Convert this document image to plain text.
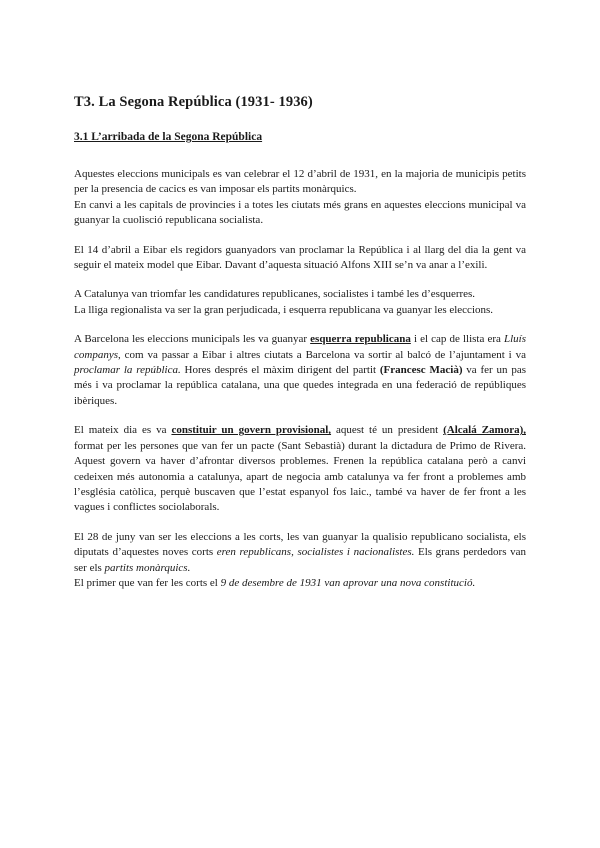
T3. La Segona República (1931- 1936)
3.1 L’arribada de la Segona República

Aquestes eleccions municipals es van celebrar el 12 d’abril de 1931, en la majoria de municipis petits per la presencia de cacics es van imposar els partits monàrquics.

En canvi a les capitals de provincies i a totes les ciutats més grans en aquestes eleccions municipal va guanyar la cuolisció republicana socialista.

El 14 d’abril a Eibar els regidors guanyadors van proclamar la República i al llarg del dia la gent va seguir el mateix model que Eibar. Davant d’aquesta situació Alfons XIII se’n va anar a l’exili.

A Catalunya van triomfar les candidatures republicanes, socialistes i també les d’esquerres.

La lliga regionalista va ser la gran perjudicada, i esquerra republicana va guanyar les eleccions.

A Barcelona les eleccions municipals les va guanyar esquerra republicana i el cap de llista era Lluís companys, com va passar a Eibar i altres ciutats a Barcelona va sortir al balcó de l’ajuntament i va proclamar la república. Hores després el màxim dirigent del partit (Francesc Macià) va fer un pas més i va proclamar la república catalana, una que quedes integrada en una federació de repúbliques ibèriques.

El mateix dia es va constituir un govern provisional, aquest té un president (Alcalá Zamora), format per les persones que van fer un pacte (Sant Sebastià) durant la dictadura de Primo de Rivera. Aquest govern va haver d’afrontar diversos problemes. Frenen la república catalana però a canvi cedeixen més autonomia a catalunya, apart de negocia amb catalunya va fer front a problemes amb l’església catòlica, perquè buscaven que l’estat espanyol fos laic., també va haver de fer front a les vagues i conflictes sociolaborals.

El 28 de juny van ser les eleccions a les corts, les van guanyar la qualisio republicano socialista, els diputats d’aquestes noves corts eren republicans, socialistes i nacionalistes. Els grans perdedors van ser els partits monàrquics.

El primer que van fer les corts el 9 de desembre de 1931 van aprovar una nova constitució.
